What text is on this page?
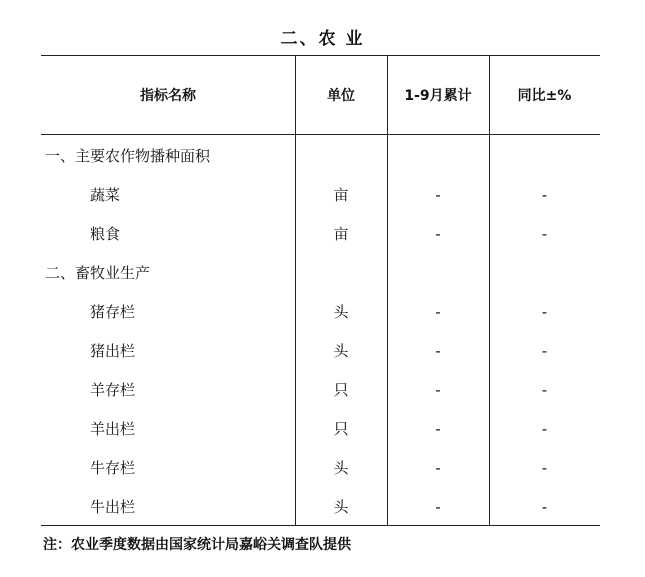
二、农 业
指标名称	单位	1-9月累计	同比±%
一、主要农作物播种面积
蔬菜	亩	-	-
粮食	亩	-	-
二、畜牧业生产
猪存栏	头	-	-
猪出栏	头	-	-
羊存栏	只	-	-
羊出栏	只	-	-
牛存栏	头	-	-
牛出栏	头	-	-
注：农业季度数据由国家统计局嘉峪关调查队提供
